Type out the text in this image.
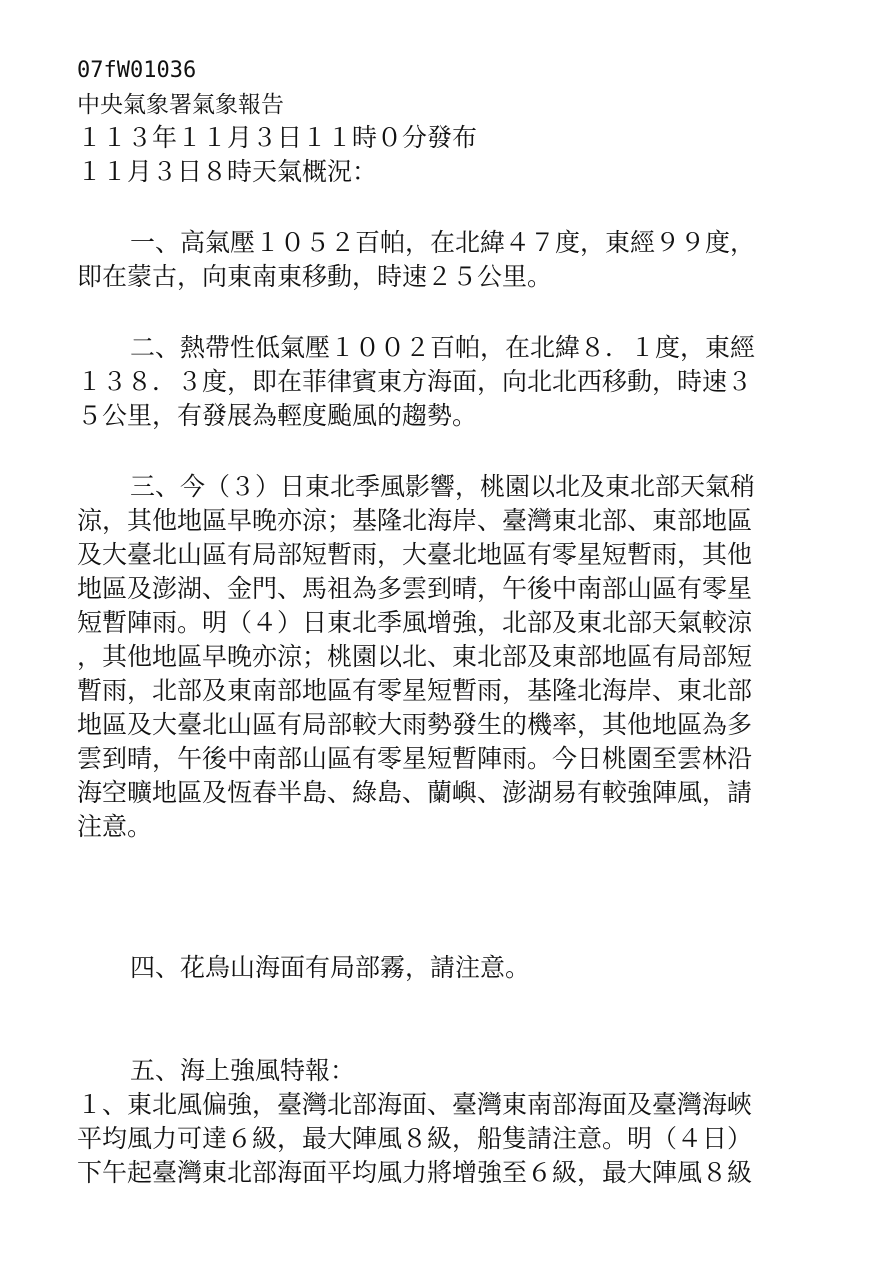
07fW01036

中央氣象署氣象報告

１１３年１１月３日１１時０分發布

１１月３日８時天氣概況：

一、高氣壓１０５２百帕，在北緯４７度，東經９９度，

即在蒙古，向東南東移動，時速２５公里。

二、熱帶性低氣壓１００２百帕，在北緯８．１度，東經

１３８．３度，即在菲律賓東方海面，向北北西移動，時速３

５公里，有發展為輕度颱風的趨勢。

三、今（３）日東北季風影響，桃園以北及東北部天氣稍

涼，其他地區早晚亦涼；基隆北海岸、臺灣東北部、東部地區

及大臺北山區有局部短暫雨，大臺北地區有零星短暫雨，其他

地區及澎湖、金門、馬祖為多雲到晴，午後中南部山區有零星

短暫陣雨。明（４）日東北季風增強，北部及東北部天氣較涼

，其他地區早晚亦涼；桃園以北、東北部及東部地區有局部短

暫雨，北部及東南部地區有零星短暫雨，基隆北海岸、東北部

地區及大臺北山區有局部較大雨勢發生的機率，其他地區為多

雲到晴，午後中南部山區有零星短暫陣雨。今日桃園至雲林沿

海空曠地區及恆春半島、綠島、蘭嶼、澎湖易有較強陣風，請

注意。

四、花鳥山海面有局部霧，請注意。

五、海上強風特報：

１、東北風偏強，臺灣北部海面、臺灣東南部海面及臺灣海峽

平均風力可達６級，最大陣風８級，船隻請注意。明（４日）

下午起臺灣東北部海面平均風力將增強至６級，最大陣風８級
